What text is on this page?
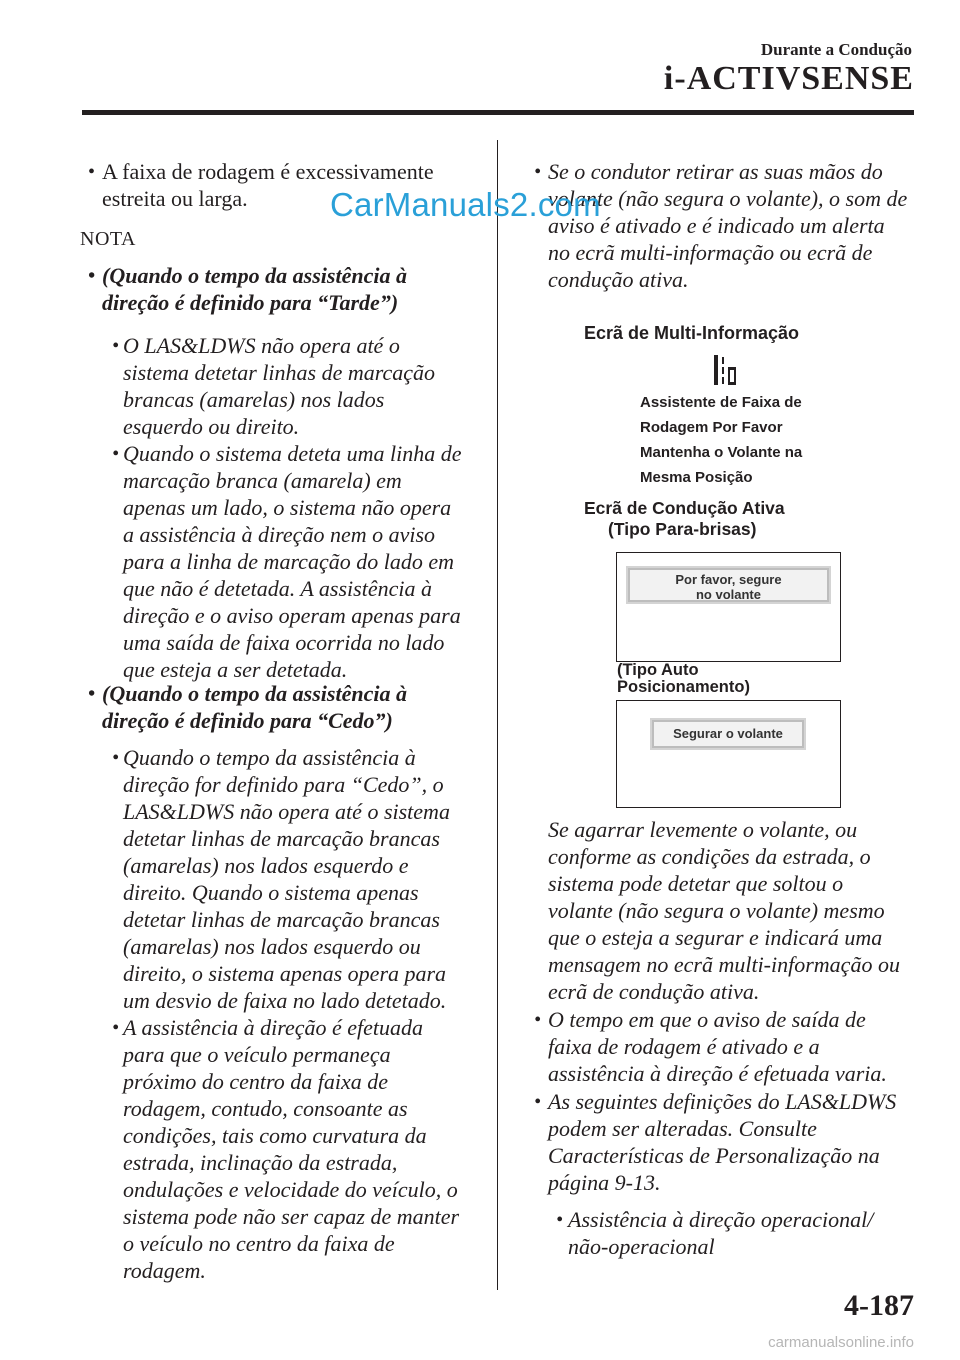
Durante a Condução
i-ACTIVSENSE
• A faixa de rodagem é excessivamente
estreita ou larga.
NOTA
• (Quando o tempo da assistência à
direção é definido para “Tarde”)
• O LAS&LDWS não opera até o
sistema detetar linhas de marcação
brancas (amarelas) nos lados
esquerdo ou direito.
• Quando o sistema deteta uma linha de
marcação branca (amarela) em
apenas um lado, o sistema não opera
a assistência à direção nem o aviso
para a linha de marcação do lado em
que não é detetada. A assistência à
direção e o aviso operam apenas para
uma saída de faixa ocorrida no lado
que esteja a ser detetada.
• (Quando o tempo da assistência à
direção é definido para “Cedo”)
• Quando o tempo da assistência à
direção for definido para “Cedo”, o
LAS&LDWS não opera até o sistema
detetar linhas de marcação brancas
(amarelas) nos lados esquerdo e
direito. Quando o sistema apenas
detetar linhas de marcação brancas
(amarelas) nos lados esquerdo ou
direito, o sistema apenas opera para
um desvio de faixa no lado detetado.
• A assistência à direção é efetuada
para que o veículo permaneça
próximo do centro da faixa de
rodagem, contudo, consoante as
condições, tais como curvatura da
estrada, inclinação da estrada,
ondulações e velocidade do veículo, o
sistema pode não ser capaz de manter
o veículo no centro da faixa de
rodagem.
• Se o condutor retirar as suas mãos do
volante (não segura o volante), o som de
aviso é ativado e é indicado um alerta
no ecrã multi-informação ou ecrã de
condução ativa.
Ecrã de Multi-Informação
Assistente de Faixa de
Rodagem Por Favor
Mantenha o Volante na
Mesma Posição
Ecrã de Condução Ativa
(Tipo Para-brisas)
Por favor, segure
no volante
(Tipo Auto
Posicionamento)
Segurar o volante
Se agarrar levemente o volante, ou
conforme as condições da estrada, o
sistema pode detetar que soltou o
volante (não segura o volante) mesmo
que o esteja a segurar e indicará uma
mensagem no ecrã multi-informação ou
ecrã de condução ativa.
• O tempo em que o aviso de saída de
faixa de rodagem é ativado e a
assistência à direção é efetuada varia.
• As seguintes definições do LAS&LDWS
podem ser alteradas. Consulte
Características de Personalização na
página 9-13.
• Assistência à direção operacional/
não-operacional
CarManuals2.com
4-187
carmanualsonline.info
